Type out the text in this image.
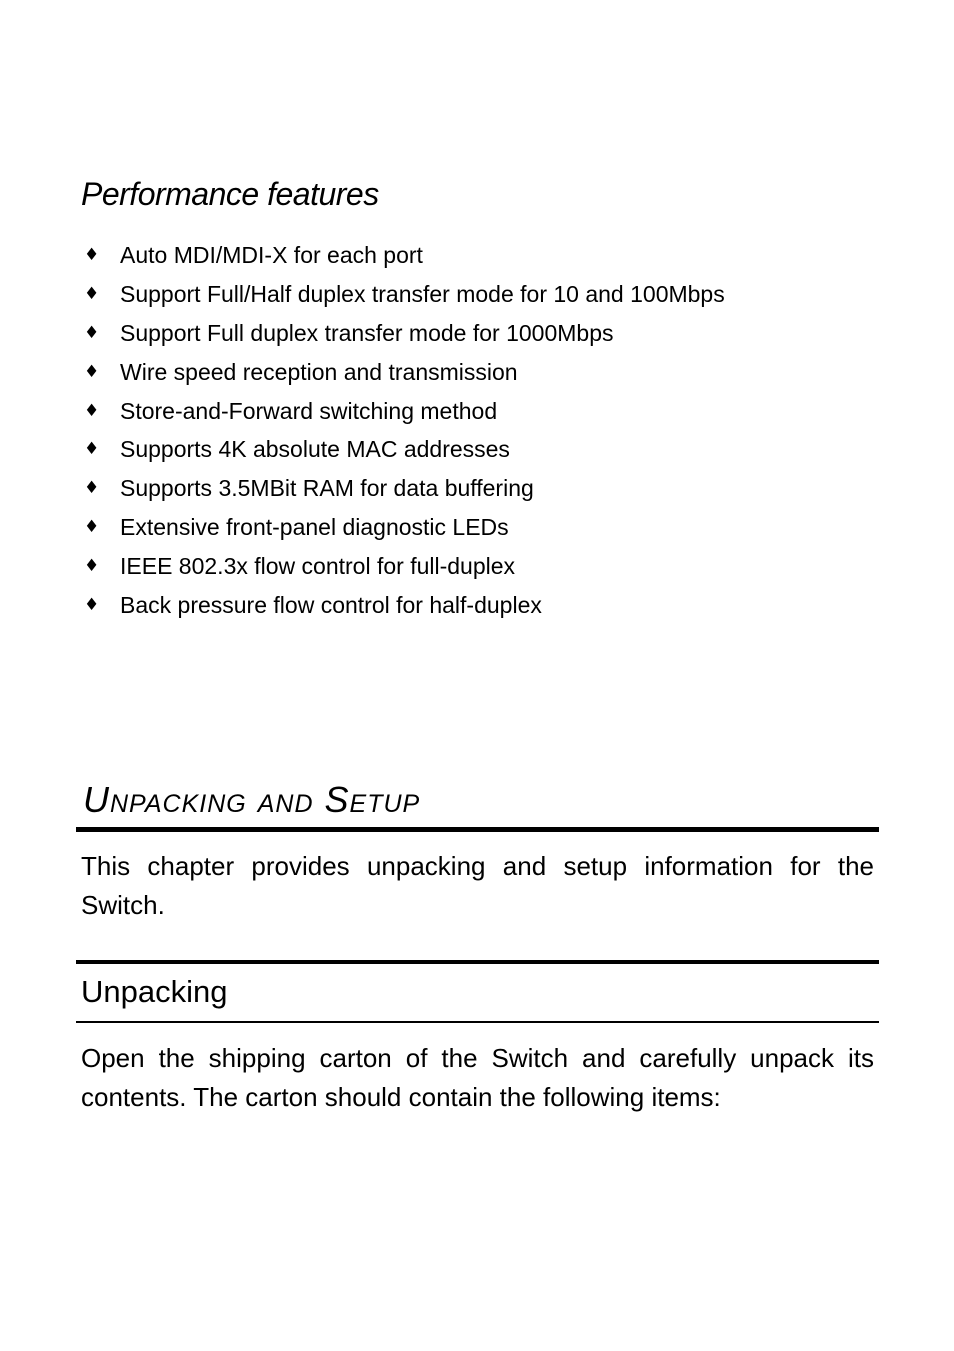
Performance features
♦ Auto MDI/MDI-X for each port
♦ Support Full/Half duplex transfer mode for 10 and 100Mbps
♦ Support Full duplex transfer mode for 1000Mbps
♦ Wire speed reception and transmission
♦ Store-and-Forward switching method
♦ Supports 4K absolute MAC addresses
♦ Supports 3.5MBit RAM for data buffering
♦ Extensive front-panel diagnostic LEDs
♦ IEEE 802.3x flow control for full-duplex
♦ Back pressure flow control for half-duplex
Unpacking and Setup

This chapter provides unpacking and setup information for the Switch.

Unpacking

Open the shipping carton of the Switch and carefully unpack its contents. The carton should contain the following items:
